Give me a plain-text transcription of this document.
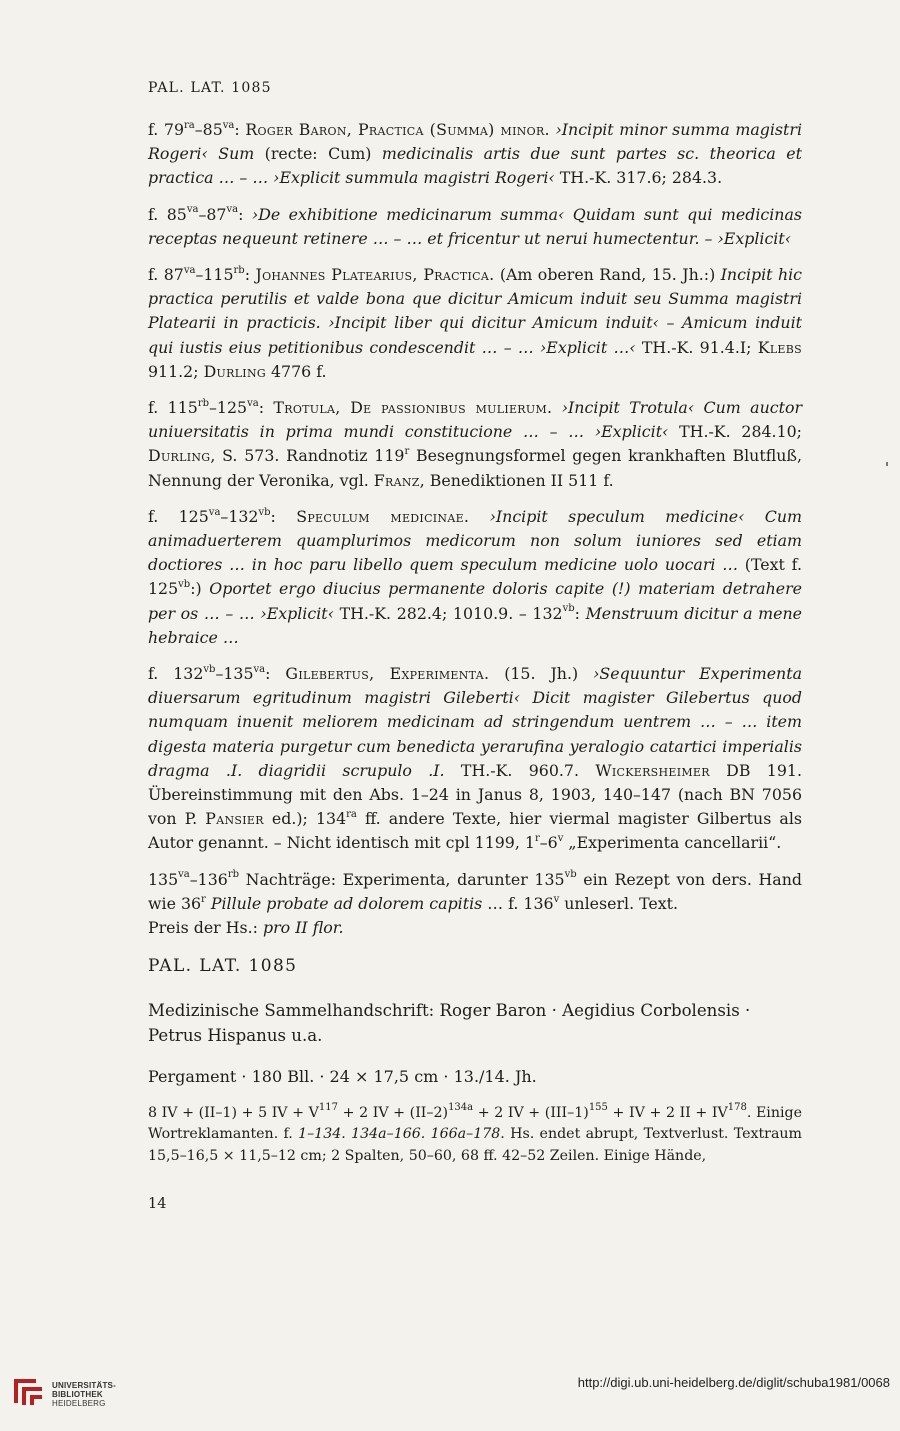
PAL. LAT. 1085

f. $79^{ra}-85^{va}$: Roger Baron, Practica (Summa) minor. ›Incipit minor summa magistri Rogeri‹ Sum (recte: Cum) medicinalis artis due sunt partes sc. theorica et practica … – … ›Explicit summula magistri Rogeri‹ TH.-K. 317.6; 284.3.

f. $85^{va}-87^{va}$: ›De exhibitione medicinarum summa‹ Quidam sunt qui medicinas receptas nequeunt retinere … – … et fricentur ut nerui humectentur. – ›Explicit‹

f. $87^{va}-115^{rb}$: Johannes Platearius, Practica. (Am oberen Rand, 15. Jh.:) Incipit hic practica perutilis et valde bona que dicitur Amicum induit seu Summa magistri Platearii in practicis. ›Incipit liber qui dicitur Amicum induit‹ – Amicum induit qui iustis eius petitionibus condescendit … – … ›Explicit …‹ TH.-K. 91.4.I; Klebs 911.2; Durling 4776 f.

f. $115^{rb}-125^{va}$: Trotula, De passionibus mulierum. ›Incipit Trotula‹ Cum auctor uniuersitatis in prima mundi constitucione … – … ›Explicit‹ TH.-K. 284.10; Durling, S. 573. Randnotiz 119$^r$ Besegnungsformel gegen krankhaften Blutfluß, Nennung der Veronika, vgl. Franz, Benediktionen II 511 f.

f. $125^{va}-132^{vb}$: Speculum medicinae. ›Incipit speculum medicine‹ Cum animaduerterem quamplurimos medicorum non solum iuniores sed etiam doctiores … in hoc paru libello quem speculum medicine uolo uocari … (Text f. $125^{vb}$:) Oportet ergo diucius permanente doloris capite (!) materiam detrahere per os … – … ›Explicit‹ TH.-K. 282.4; 1010.9. – $132^{vb}$: Menstruum dicitur a mene hebraice …

f. $132^{vb}-135^{va}$: Gilebertus, Experimenta. (15. Jh.) ›Sequuntur Experimenta diuersarum egritudinum magistri Gileberti‹ Dicit magister Gilebertus quod numquam inuenit meliorem medicinam ad stringendum uentrem … – … item digesta materia purgetur cum benedicta yerarufina yeralogio catartici imperialis dragma .I. diagridii scrupulo .I. TH.-K. 960.7. Wickersheimer DB 191. Übereinstimmung mit den Abs. 1–24 in Janus 8, 1903, 140–147 (nach BN 7056 von P. Pansier ed.); $134^{ra}$ ff. andere Texte, hier viermal magister Gilbertus als Autor genannt. – Nicht identisch mit cpl 1199, 1$^r$–6$^v$ „Experimenta cancellarii“.

$135^{va}-136^{rb}$ Nachträge: Experimenta, darunter $135^{vb}$ ein Rezept von ders. Hand wie 36$^r$ Pillule probate ad dolorem capitis … f. 136$^v$ unleserl. Text.
Preis der Hs.: pro II flor.
PAL. LAT. 1085
Medizinische Sammelhandschrift: Roger Baron · Aegidius Corbolensis · Petrus Hispanus u.a.
Pergament · 180 Bll. · 24 × 17,5 cm · 13./14. Jh.
8 IV + (II–1) + 5 IV + $V^{117} + 2$ IV + $(II-2)^{134a} + 2$ IV + $(III-1)^{155}$ + IV + 2 II + $IV^{178}$. Einige Wortreklamanten. f. 1–134. 134a–166. 166a–178. Hs. endet abrupt, Textverlust. Textraum 15,5–16,5 × 11,5–12 cm; 2 Spalten, 50–60, 68 ff. 42–52 Zeilen. Einige Hände,
14
UNIVERSITÄTS-
BIBLIOTHEK
HEIDELBERG
http://digi.ub.uni-heidelberg.de/diglit/schuba1981/0068
